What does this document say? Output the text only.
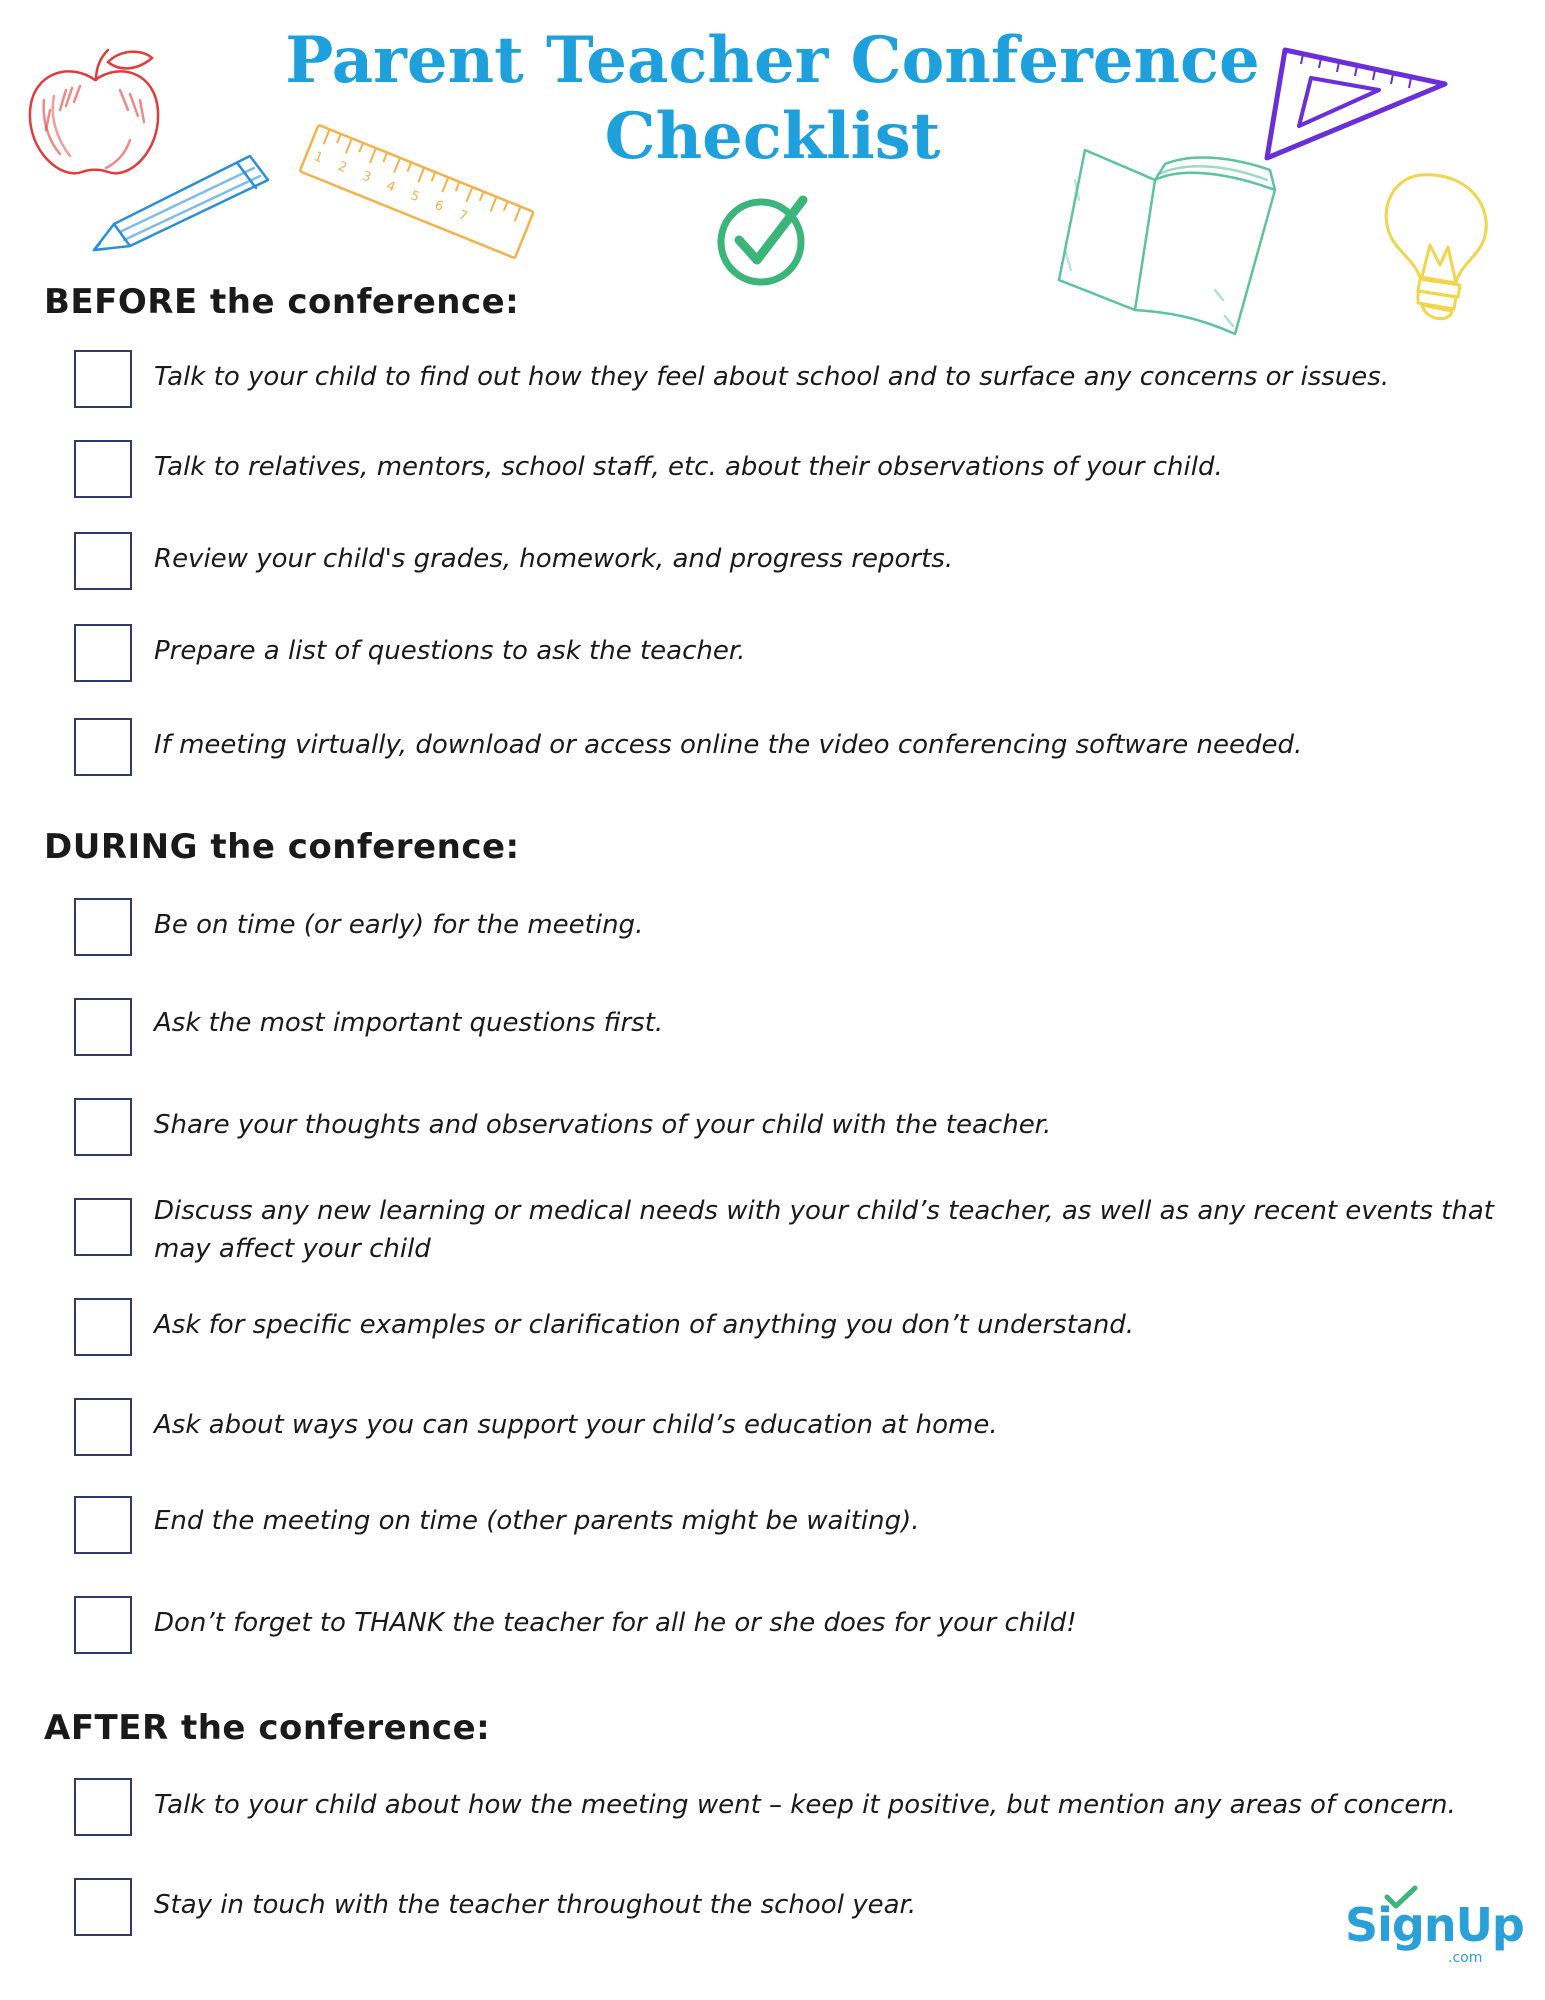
Parent Teacher Conference
Checklist
1
2
3
4
5
6
7
BEFORE the conference:
Talk to your child to find out how they feel about school and to surface any concerns or issues.
Talk to relatives, mentors, school staff, etc. about their observations of your child.
Review your child's grades, homework, and progress reports.
Prepare a list of questions to ask the teacher.
If meeting virtually, download or access online the video conferencing software needed.
DURING the conference:
Be on time (or early) for the meeting.
Ask the most important questions first.
Share your thoughts and observations of your child with the teacher.
Discuss any new learning or medical needs with your child’s teacher, as well as any recent events that may affect your child
Ask for specific examples or clarification of anything you don’t understand.
Ask about ways you can support your child’s education at home.
End the meeting on time (other parents might be waiting).
Don’t forget to THANK the teacher for all he or she does for your child!
AFTER the conference:
Talk to your child about how the meeting went – keep it positive, but mention any areas of concern.
Stay in touch with the teacher throughout the school year.	SignUp
.com
